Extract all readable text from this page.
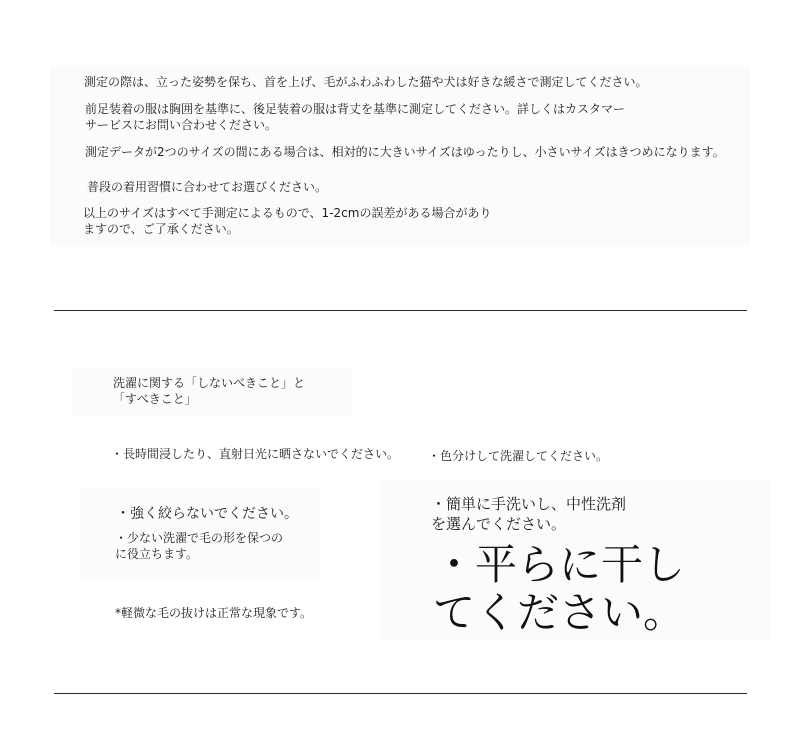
測定の際は、立った姿勢を保ち、首を上げ、毛がふわふわした猫や犬は好きな緩さで測定してください。

前足装着の服は胸囲を基準に、後足装着の服は背丈を基準に測定してください。詳しくはカスタマー
サービスにお問い合わせください。

測定データが2つのサイズの間にある場合は、相対的に大きいサイズはゆったりし、小さいサイズはきつめになります。

普段の着用習慣に合わせてお選びください。

以上のサイズはすべて手測定によるもので、1-2cmの誤差がある場合があり
ますので、ご了承ください。

洗濯に関する「しないべきこと」と
「すべきこと」

・長時間浸したり、直射日光に晒さないでください。

・強く絞らないでください。

・少ない洗濯で毛の形を保つの
に役立ちます。

*軽微な毛の抜けは正常な現象です。

・色分けして洗濯してください。

・簡単に手洗いし、中性洗剤
を選んでください。

・平らに干し
てください。
